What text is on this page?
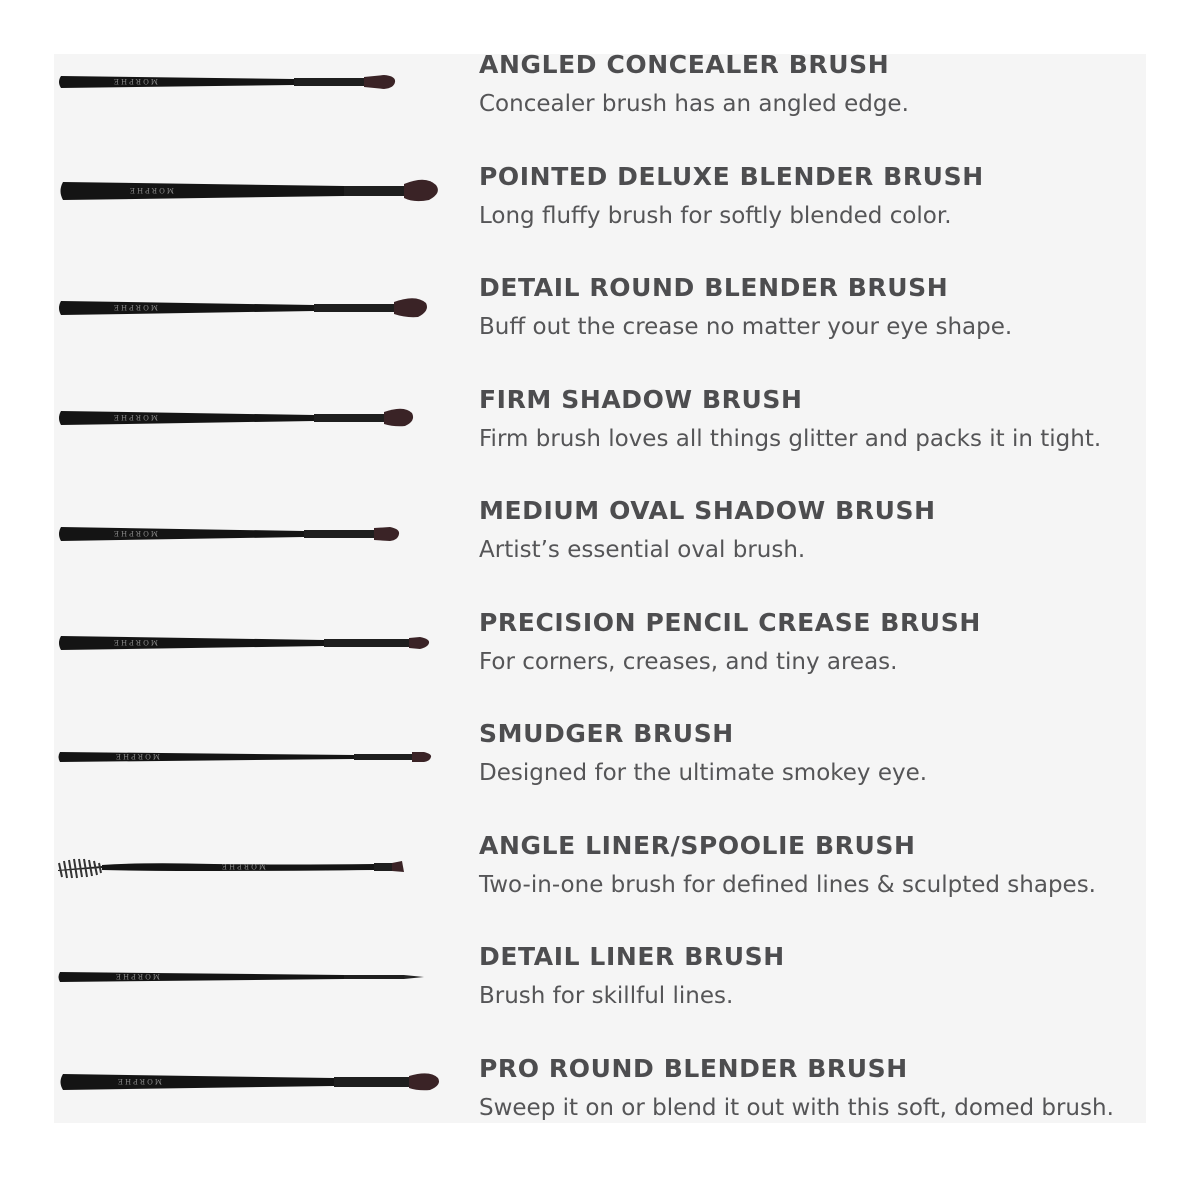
MORPHE
MORPHE
MORPHE
MORPHE
MORPHE
MORPHE
MORPHE
MORPHE
MORPHE
MORPHE
ANGLED CONCEALER BRUSH
Concealer brush has an angled edge.
POINTED DELUXE BLENDER BRUSH
Long fluffy brush for softly blended color.
DETAIL ROUND BLENDER BRUSH
Buff out the crease no matter your eye shape.
FIRM SHADOW BRUSH
Firm brush loves all things glitter and packs it in tight.
MEDIUM OVAL SHADOW BRUSH
Artist’s essential oval brush.
PRECISION PENCIL CREASE BRUSH
For corners, creases, and tiny areas.
SMUDGER BRUSH
Designed for the ultimate smokey eye.
ANGLE LINER/SPOOLIE BRUSH
Two-in-one brush for defined lines & sculpted shapes.
DETAIL LINER BRUSH
Brush for skillful lines.
PRO ROUND BLENDER BRUSH
Sweep it on or blend it out with this soft, domed brush.
